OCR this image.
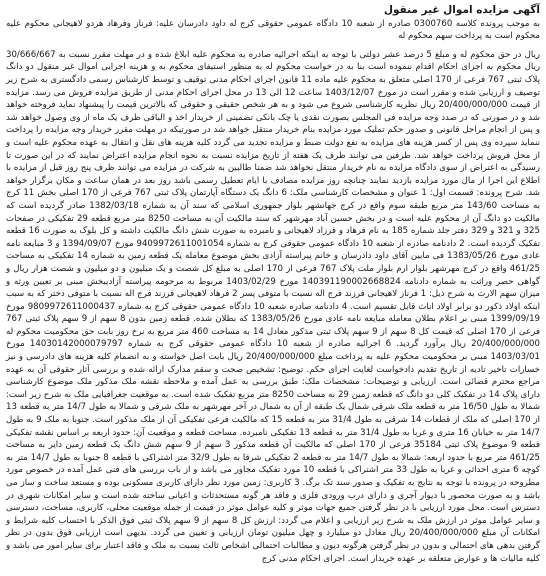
آگهی مزایده اموال غیر منقول
به موجب پرونده کلاسه 0300760 صادره از شعبه 10 دادگاه عمومی حقوقی کرج له داود دادرسان علیه: فرناز وفرهاد هردو لاهیجانی محکوم علیه محکوم است به پرداخت سهم محکوم له
ریال در حق محکوم له و مبلغ 5 درصد عشر دولتی با توجه به اینکه اجرائیه صادره به محکوم علیه ابلاغ شده و در مهلت مقرر نسبت به 30/666/667 ریال محکوم به اجرای احکام اقدام ننموده است بنا به در خواست محکوم له به منظور استیفای محکوم به و هزینه اجرایی اموال غیر منقول دو دانگ پلاک ثبتی 767 فرعی از 170 اصلی متعلق به محکوم علیه ماده 11 قانون اجرای احکام مدنی توقیف و توسط کارشناس رسمی دادگستری به شرح زیر توصیف و ارزیابی شده و مقرر است در مورخ 1403/12/07 ساعت 12 الی 13 در محل اجرای احکام مدنی از طریق مزایده فروش می رسد. مزایده از قیمت 20/400/000/000 ریال نظریه کارشناسی شروع می شود و به هر شخص حقیقی و حقوقی که بالاترین قیمت را پیشنهاد نماید فروخته خواهد شد و در صورتی که در صدد وجه مزایده فی المجلس بصورت نقدی یا چک بانکی تضمینی از خریدار اخذ و الباقی ظرف یک ماه از وی وصول خواهد شد و پس از انجام مراحل قانونی و صدور حکم تملیک مورد مزایده بنام خریدار منتقل خواهد شد در صورتیکه در مهلت مقرر خریدار وجه مزایده را پرداخت ننماید سپرده وی پس از کسر هزینه های مزایده به نفع دولت ضبط و مزایده تجدید می گردد کلیه هزینه های نقل و انتقال به عهده محکوم علیه است و از محل فروش پرداخت خواهد شد. طرفین می توانند ظرف یک هفته از تاریخ مزایده نسبت به نحوه انجام مزایده اعتراض نمایند که در این صورت تا رسیدگی به اعتراض از سوی دادگاه مزایده به نام خریدار منتقل نخواهد شد ضمنا طالبین به شرکت در مزایده می توانند ظرف پنج روز قبل از مزایده با اطلاع این اجرا از مال مورد مزایده بازدید نمایند چنانچه روز مزایده مصادف با ایام تعطیل رسمی باشد روز بعد در همان ساعت و مکان برگزار خواهد شد. شرح پرونده: قسمت اول: 1 عنوان و مشخصات کارشناسی ملک: 6 دانگ یک دستگاه آپارتمان پلاک ثبتی 767 فرعی از 170 اصلی بخش 11 کرج به مساحت 143/60 متر مربع طبقه سوم واقع در کرج جهانشهر بلوار جمهوری اسلامی که سند آن به شماره 1382/03/18 صادر گردیده است که مالکیت دو دانگ آن از محکوم علیه است و در بخش حسین آباد مهرشهر که سند مالکیت آن به مساحت 8250 متر مربع قطعه 29 تفکیکی در صفحات 325 و 321 و 329 دفتر جلد شماره 185 به نام فرهاد و فرزاد لاهیجانی و نامبرده به صورت شش دانگ مالکیت داشته و کل بلوک به صورت 16 قطعه تفکیک گردیده است. 2 دادنامه صادره از شعبه 10 دادگاه عمومی حقوقی کرج به شماره 9409972611001054 مورخ 1394/09/07 و 3 مبایعه نامه عادی مورخ 1383/05/26 فی مابین آقای داود دادرسان و خانم پیراسته آزادی بخش موضوع معامله یک قطعه زمین به شماره 14 تفکیکی به مساحت 461/25 واقع در کرج مهرشهر بلوار ارم بلوار ملت پلاک 767 فرعی از 170 اصلی به مبلغ کل شصت و یک میلیون و دو میلیون و شصت هزار ریال و گواهی حصر وراثت به شماره دادنامه 140391190002668824 مورخ 1403/02/29 مربوط به مرحومه پیراسته آزادیبخش مبنی بر تعیین ورثه و میزان سهم الارث به شرح ذیل: 1 فرناز لاهیجانی فرزند فرج اله نسبت با متوفی پسر 2 فرهاد لاهیجانی فرزند فرج اله نسبت با متوفی دختر که به سبب اینکه اولاد ذکور دو برابر اولاد اناث قابل تقسیم است. 4 دادنامه صادره شعبه 10 دادگاه عمومی حقوقی کرج به شماره 9809972611000437 مورخ 1399/09/19 مبنی بر اعلام بطلان معامله مبایعه نامه عادی مورخ 1383/05/26 که بطلان شده. قطعه زمین بدون 8 سهم از 9 سهم پلاک ثبتی 767 فرعی از 170 اصلی که قیمت کل 8 سهم از 9 سهم پلاک ثبتی مذکور معادل 14 به مساحت 460 متر مربع به نرخ روز بابت حق محکومیت محکوم له 20/400/000/000 ریال برآورد گردید. 6 اجرائیه صادره از شعبه 10 دادگاه عمومی حقوقی کرج به شماره 14030142000079797 مورخ 1403/03/01 مبنی بر محکومیت محکوم علیه به پرداخت مبلغ 20/400/000/000 ریال بابت اصل خواسته و به انضمام کلیه هزینه های دادرسی و نیز خسارات تاخیر تادیه از تاریخ تقدیم دادخواست لغایت اجرای حکم. توضیح: تشخیص صحت و سقم مدارک ارائه شده و بررسی آثار حقوقی آن به عهده مراجع محترم قضائی است. ارزیابی و توضیحات: مشخصات ملک: طبق بررسی به عمل آمده و ملاحظه نقشه ملک مذکور ملک موضوع کارشناسی دارای پلاک 14 در تفکیک کلی دو دانگ که قطعه زمین 29 به مساحت 8250 متر مربع تفکیک شده است. به موقعیت جغرافیایی ملک به شرح زیر است: شمالا به طول 16/50 متر به قطعه ملک شرقی شمال یک طبقه از آن به شمال در آخر مهرشهر به ملک شرقی و شمالا به طول 14/7 متر به قطعه 13 از 170 اصلی که ملک از قطعات 14 شرقی به طول 31/4 متر به قطعه 15 که مالکیت فرعی تفکیکی آن از ملک مذکور است. جنوبا به ملک 9 به طول 14/7 متر به خیابان 16 متری و غربا به طول 31/4 متر به قطعه 13 تفکیکی نامبرده. مساحت قطعه و موقعیت آن: حدود اربعه بر اساس نقشه تفکیکی قطعه 9 موضوع پلاک ثبتی 35184 فرعی از 170 اصلی که مالکیت آن قطعه مذکور 3 سهم از 9 سهم شش دانگ یک قطعه زمین دایر به مساحت 461/25 متر مربع با حدود اربعه: شمالا به طول 14/7 متر به قطعه 2 تفکیکی شرقا به طول 32/9 متر اشتراکی با قطعه 8 جنوبا به طول 14/7 متر به کوچه 6 متری احداثی و غربا به طول 33 متر اشتراکی با قطعه 10 مورد تفکیک مجاور می باشد و از باب بررسی های فنی عمل آمده در خصوص مورد مطروحه در پرونده با توجه به نتایج به تفکیک و صدور سند تک برگ. 3 کاربری: زمین مورد نظر دارای کاربری مسکونی بوده و مستعد ساخت و ساز می باشد و به صورت محصور با دیوار آجری و دارای درب ورودی فلزی و فاقد هر گونه مستحدثات و اعیانی ساخته شده است و سایر امکانات شهری در دسترس است. محل مورد ارزیابی با در نظر گرفتن جمیع جهات موثر و کلیه عوامل موثر در قیمت از جمله موقعیت محلی، کاربری، مساحت، دسترسی و سایر عوامل موثر در ارزش ملک به شرح زیر ارزیابی و اعلام می گردد: ارزش کل 8 سهم از 9 سهم پلاک ثبتی فوق الذکر با احتساب کلیه شرایط و امکانات آن مبلغ 20/400/000/000 ریال معادل دو میلیارد و چهل میلیون تومان ارزیابی و تعیین می گردد. بدیهی است ارزیابی فوق بدون در نظر گرفتن بدهی های احتمالی و بدون در نظر گرفتن هرگونه دیون و مطالبات احتمالی اشخاص ثالث نسبت به ملک و فاقد اعتبار برای سایر امور می باشد و کلیه مالیات ها و عوارض متعلقه بر عهده خریدار است. اجرای احکام مدنی کرج
